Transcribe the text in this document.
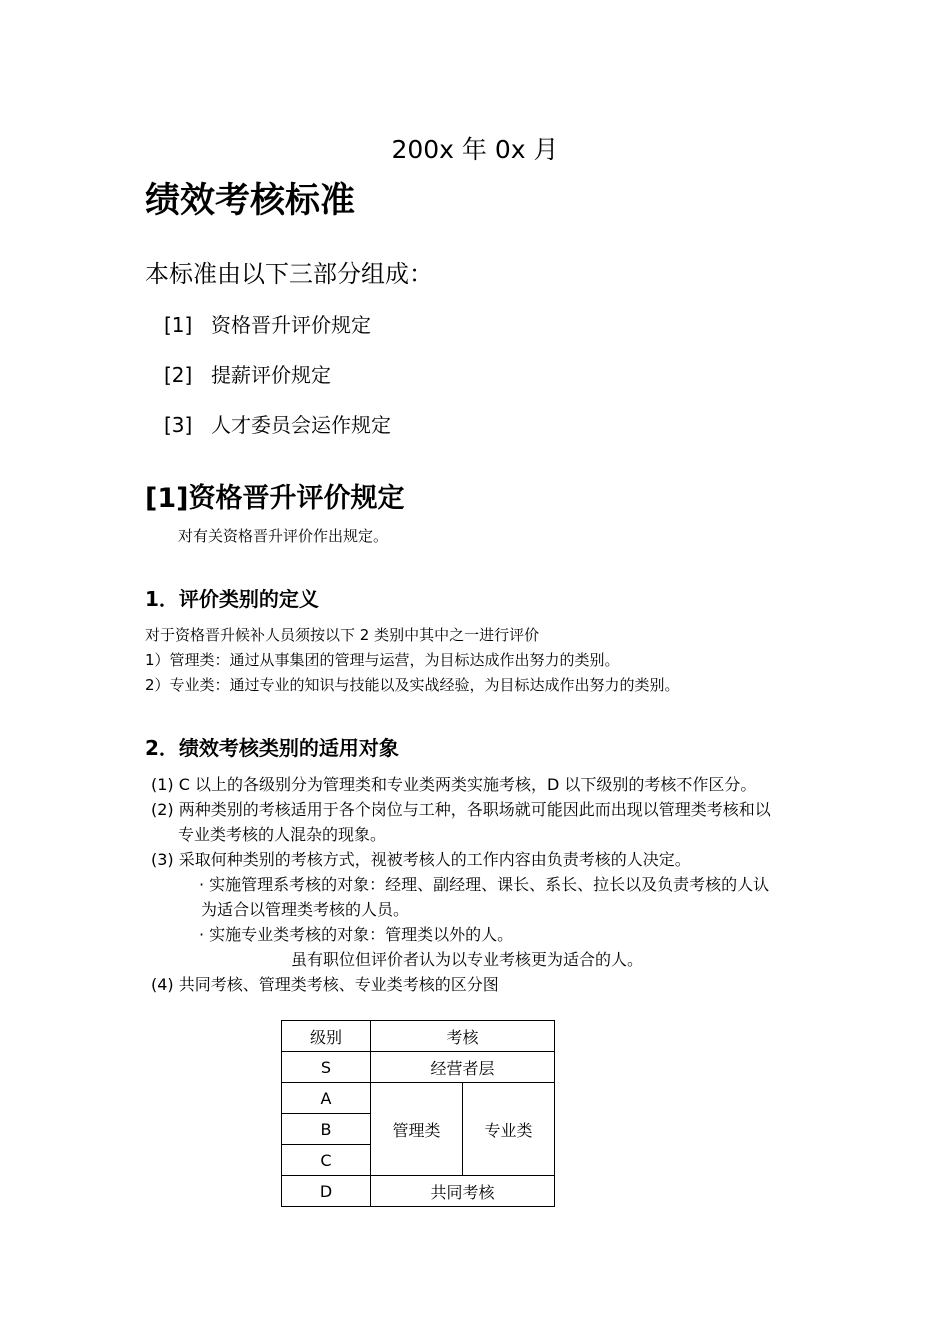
200x 年 0x 月
绩效考核标准
本标准由以下三部分组成：
[1] 资格晋升评价规定
[2] 提薪评价规定
[3] 人才委员会运作规定
[1]资格晋升评价规定
对有关资格晋升评价作出规定。
1．评价类别的定义
对于资格晋升候补人员须按以下 2 类别中其中之一进行评价
1）管理类：通过从事集团的管理与运营，为目标达成作出努力的类别。
2）专业类：通过专业的知识与技能以及实战经验，为目标达成作出努力的类别。
2．绩效考核类别的适用对象
(1) C 以上的各级别分为管理类和专业类两类实施考核，D 以下级别的考核不作区分。
(2) 两种类别的考核适用于各个岗位与工种，各职场就可能因此而出现以管理类考核和以
专业类考核的人混杂的现象。
(3) 采取何种类别的考核方式，视被考核人的工作内容由负责考核的人决定。
· 实施管理系考核的对象：经理、副经理、课长、系长、拉长以及负责考核的人认
为适合以管理类考核的人员。
· 实施专业类考核的对象：管理类以外的人。
虽有职位但评价者认为以专业考核更为适合的人。
(4) 共同考核、管理类考核、专业类考核的区分图
级别	考核	
S	经营者层	
A	管理类	专业类
B		
C		
D	共同考核	
